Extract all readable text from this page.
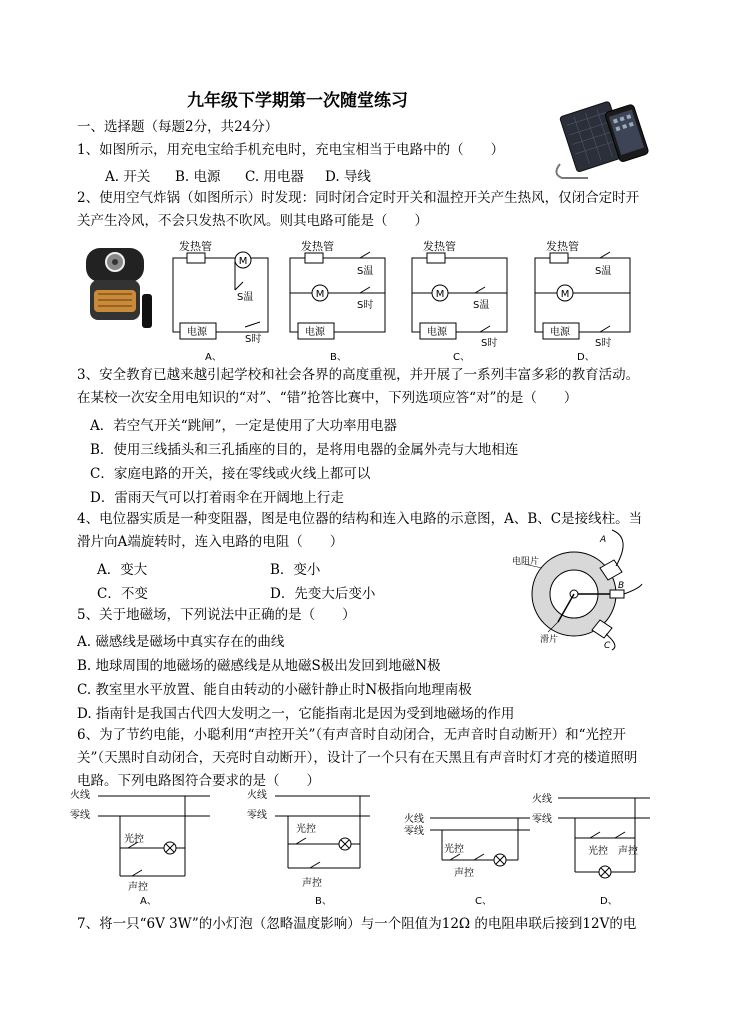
九年级下学期第一次随堂练习
一、选择题（每题2分，共24分）
1、如图所示，用充电宝给手机充电时，充电宝相当于电路中的（　　）
A. 开关 B. 电源 C. 用电器 D. 导线
2、使用空气炸锅（如图所示）时发现：同时闭合定时开关和温控开关产生热风，仅闭合定时开
关产生冷风，不会只发热不吹风。则其电路可能是（　　）
M
发热管	发热管	发热管	发热管
电源	电源	电源	电源
S温
S时
S温
S时	S温
S时
S温
S时
A、	B、	C、	D、
3、安全教育已越来越引起学校和社会各界的高度重视，并开展了一系列丰富多彩的教育活动。
在某校一次安全用电知识的“对”、“错”抢答比赛中，下列选项应答“对”的是（　　）
A．若空气开关“跳闸”，一定是使用了大功率用电器
B．使用三线插头和三孔插座的目的，是将用电器的金属外壳与大地相连
C．家庭电路的开关，接在零线或火线上都可以
D．雷雨天气可以打着雨伞在开阔地上行走
4、电位器实质是一种变阻器，图是电位器的结构和连入电路的示意图，A、B、C是接线柱。当
滑片向A端旋转时，连入电路的电阻（　　）
A．变大	B．变小
C．不变	D．先变大后变小
电阻片
滑片
A
B
C
5、关于地磁场，下列说法中正确的是（　　）
A. 磁感线是磁场中真实存在的曲线
B. 地球周围的地磁场的磁感线是从地磁S极出发回到地磁N极
C. 教室里水平放置、能自由转动的小磁针静止时N极指向地理南极
D. 指南针是我国古代四大发明之一，它能指南北是因为受到地磁场的作用
6、为了节约电能，小聪利用“声控开关”（有声音时自动闭合，无声音时自动断开）和“光控开
关”（天黑时自动闭合，天亮时自动断开），设计了一个只有在天黑且有声音时灯才亮的楼道照明
电路。下列电路图符合要求的是（　　）
火线
零线
光控
声控
火线
零线
光控
声控
火线
零线
光控
声控
火线
零线
光控 声控
A、	B、	C、	D、
7、将一只“6V 3W”的小灯泡（忽略温度影响）与一个阻值为12Ω 的电阻串联后接到12V的电
